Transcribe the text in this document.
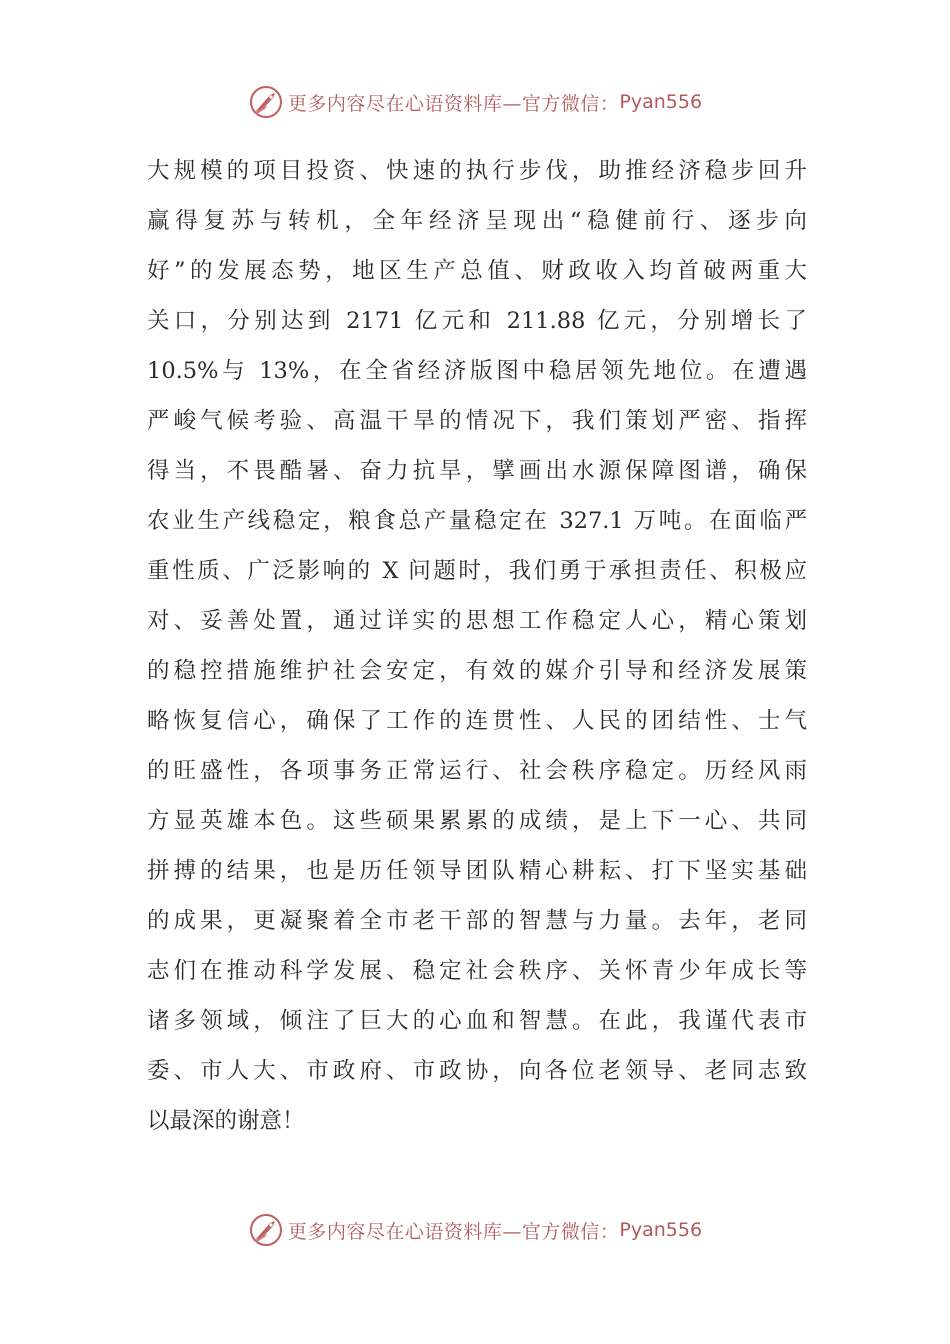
更多内容尽在心语资料库—官方微信： Pyan556
大规模的项目投资、快速的执行步伐，助推经济稳步回升
赢得复苏与转机，全年经济呈现出“稳健前行、逐步向
好”的发展态势，地区生产总值、财政收入均首破两重大
关口，分别达到 2171 亿元和 211.88 亿元，分别增长了
10.5%与 13%，在全省经济版图中稳居领先地位。在遭遇
严峻气候考验、高温干旱的情况下，我们策划严密、指挥
得当，不畏酷暑、奋力抗旱，擘画出水源保障图谱，确保
农业生产线稳定，粮食总产量稳定在 327.1 万吨。在面临严
重性质、广泛影响的 X 问题时，我们勇于承担责任、积极应
对、妥善处置，通过详实的思想工作稳定人心，精心策划
的稳控措施维护社会安定，有效的媒介引导和经济发展策
略恢复信心，确保了工作的连贯性、人民的团结性、士气
的旺盛性，各项事务正常运行、社会秩序稳定。历经风雨
方显英雄本色。这些硕果累累的成绩，是上下一心、共同
拼搏的结果，也是历任领导团队精心耕耘、打下坚实基础
的成果，更凝聚着全市老干部的智慧与力量。去年，老同
志们在推动科学发展、稳定社会秩序、关怀青少年成长等
诸多领域，倾注了巨大的心血和智慧。在此，我谨代表市
委、市人大、市政府、市政协，向各位老领导、老同志致
以最深的谢意！
更多内容尽在心语资料库—官方微信： Pyan556
